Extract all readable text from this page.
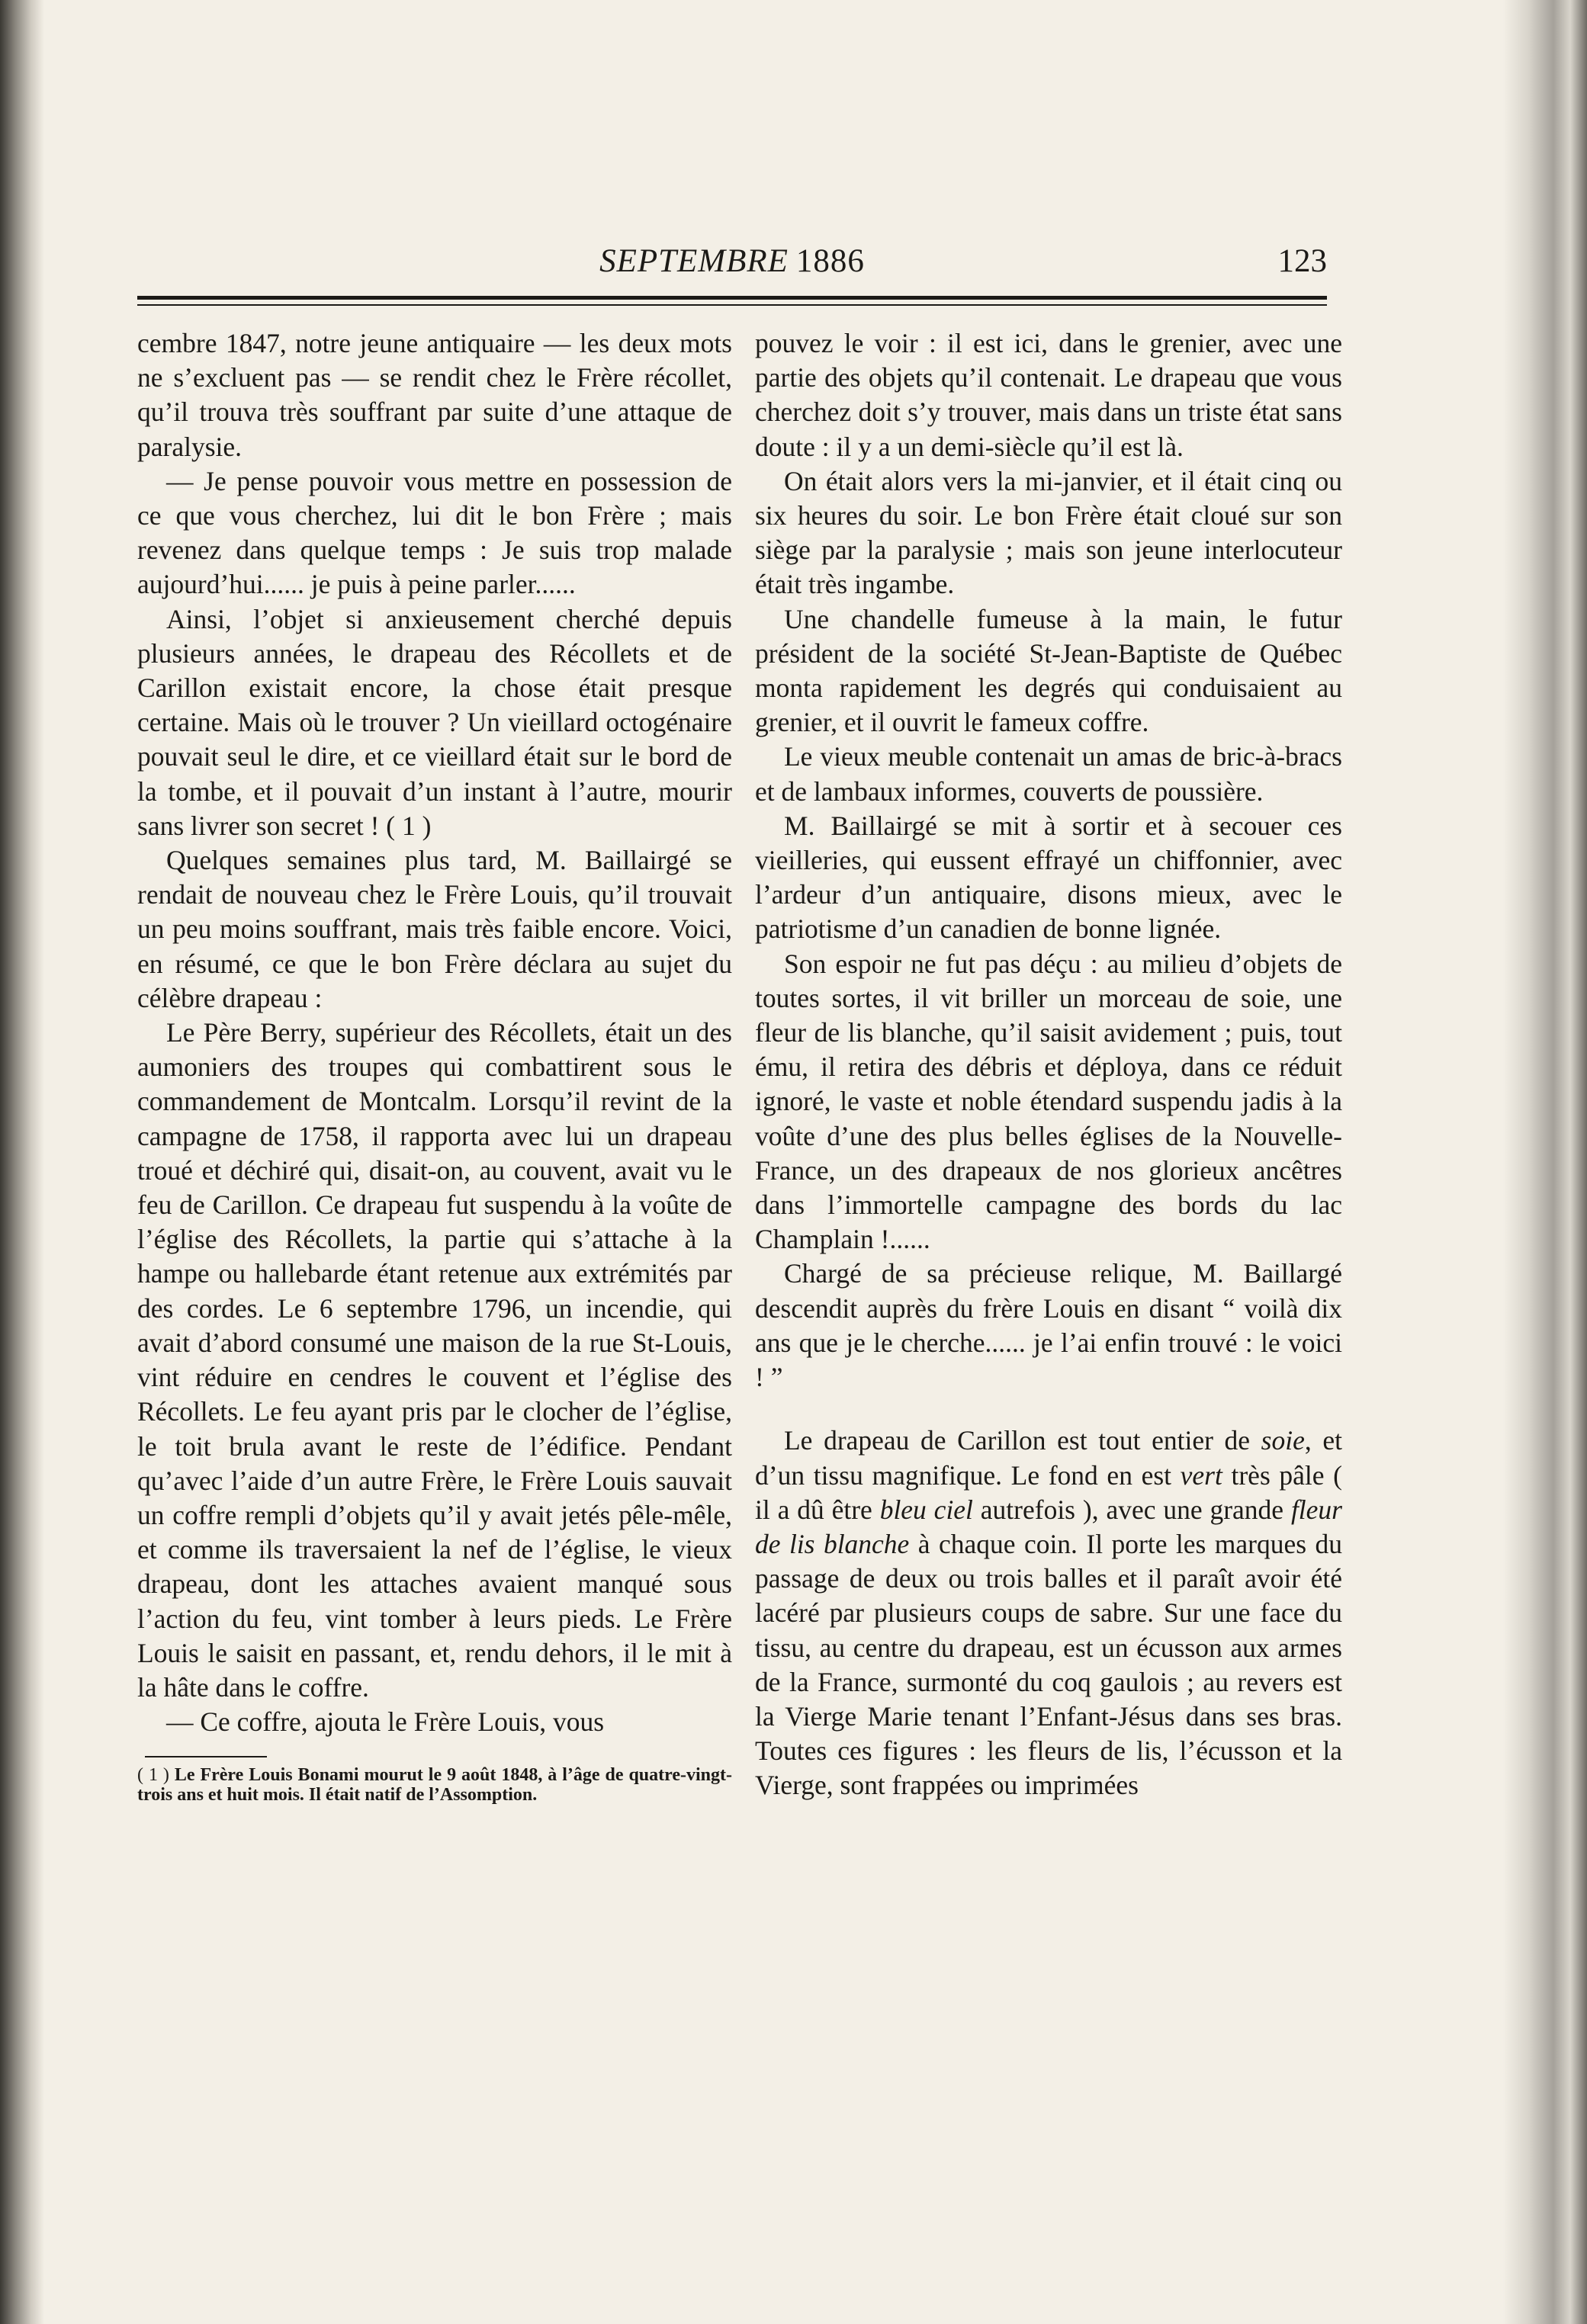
SEPTEMBRE 1886	123

cembre 1847, notre jeune antiquaire — les deux mots ne s’excluent pas — se rendit chez le Frère récollet, qu’il trouva très souffrant par suite d’une attaque de paralysie.

— Je pense pouvoir vous mettre en possession de ce que vous cherchez, lui dit le bon Frère ; mais revenez dans quelque temps : Je suis trop malade aujourd’hui...... je puis à peine parler......

Ainsi, l’objet si anxieusement cherché depuis plusieurs années, le drapeau des Récollets et de Carillon existait encore, la chose était presque certaine. Mais où le trouver ? Un vieillard octogénaire pouvait seul le dire, et ce vieillard était sur le bord de la tombe, et il pouvait d’un instant à l’autre, mourir sans livrer son secret ! ( 1 )

Quelques semaines plus tard, M. Baillairgé se rendait de nouveau chez le Frère Louis, qu’il trouvait un peu moins souffrant, mais très faible encore. Voici, en résumé, ce que le bon Frère déclara au sujet du célèbre drapeau :

Le Père Berry, supérieur des Récollets, était un des aumoniers des troupes qui combattirent sous le commandement de Montcalm. Lorsqu’il revint de la campagne de 1758, il rapporta avec lui un drapeau troué et déchiré qui, disait-on, au couvent, avait vu le feu de Carillon. Ce drapeau fut suspendu à la voûte de l’église des Récollets, la partie qui s’attache à la hampe ou hallebarde étant retenue aux extrémités par des cordes. Le 6 septembre 1796, un incendie, qui avait d’abord consumé une maison de la rue St-Louis, vint réduire en cendres le couvent et l’église des Récollets. Le feu ayant pris par le clocher de l’église, le toit brula avant le reste de l’édifice. Pendant qu’avec l’aide d’un autre Frère, le Frère Louis sauvait un coffre rempli d’objets qu’il y avait jetés pêle-mêle, et comme ils traversaient la nef de l’église, le vieux drapeau, dont les attaches avaient manqué sous l’action du feu, vint tomber à leurs pieds. Le Frère Louis le saisit en passant, et, rendu dehors, il le mit à la hâte dans le coffre.

— Ce coffre, ajouta le Frère Louis, vous

( 1 ) Le Frère Louis Bonami mourut le 9 août 1848, à l’âge de quatre-vingt-trois ans et huit mois. Il était natif de l’Assomption.

pouvez le voir : il est ici, dans le grenier, avec une partie des objets qu’il contenait. Le drapeau que vous cherchez doit s’y trouver, mais dans un triste état sans doute : il y a un demi-siècle qu’il est là.

On était alors vers la mi-janvier, et il était cinq ou six heures du soir. Le bon Frère était cloué sur son siège par la paralysie ; mais son jeune interlocuteur était très ingambe.

Une chandelle fumeuse à la main, le futur président de la société St-Jean-Baptiste de Québec monta rapidement les degrés qui conduisaient au grenier, et il ouvrit le fameux coffre.

Le vieux meuble contenait un amas de bric-à-bracs et de lambaux informes, couverts de poussière.

M. Baillairgé se mit à sortir et à secouer ces vieilleries, qui eussent effrayé un chiffonnier, avec l’ardeur d’un antiquaire, disons mieux, avec le patriotisme d’un canadien de bonne lignée.

Son espoir ne fut pas déçu : au milieu d’objets de toutes sortes, il vit briller un morceau de soie, une fleur de lis blanche, qu’il saisit avidement ; puis, tout ému, il retira des débris et déploya, dans ce réduit ignoré, le vaste et noble étendard suspendu jadis à la voûte d’une des plus belles églises de la Nouvelle-France, un des drapeaux de nos glorieux ancêtres dans l’immortelle campagne des bords du lac Champlain !......

Chargé de sa précieuse relique, M. Baillargé descendit auprès du frère Louis en disant “ voilà dix ans que je le cherche...... je l’ai enfin trouvé : le voici ! ”

Le drapeau de Carillon est tout entier de soie, et d’un tissu magnifique. Le fond en est vert très pâle ( il a dû être bleu ciel autrefois ), avec une grande fleur de lis blanche à chaque coin. Il porte les marques du passage de deux ou trois balles et il paraît avoir été lacéré par plusieurs coups de sabre. Sur une face du tissu, au centre du drapeau, est un écusson aux armes de la France, surmonté du coq gaulois ; au revers est la Vierge Marie tenant l’Enfant-Jésus dans ses bras. Toutes ces figures : les fleurs de lis, l’écusson et la Vierge, sont frappées ou imprimées
